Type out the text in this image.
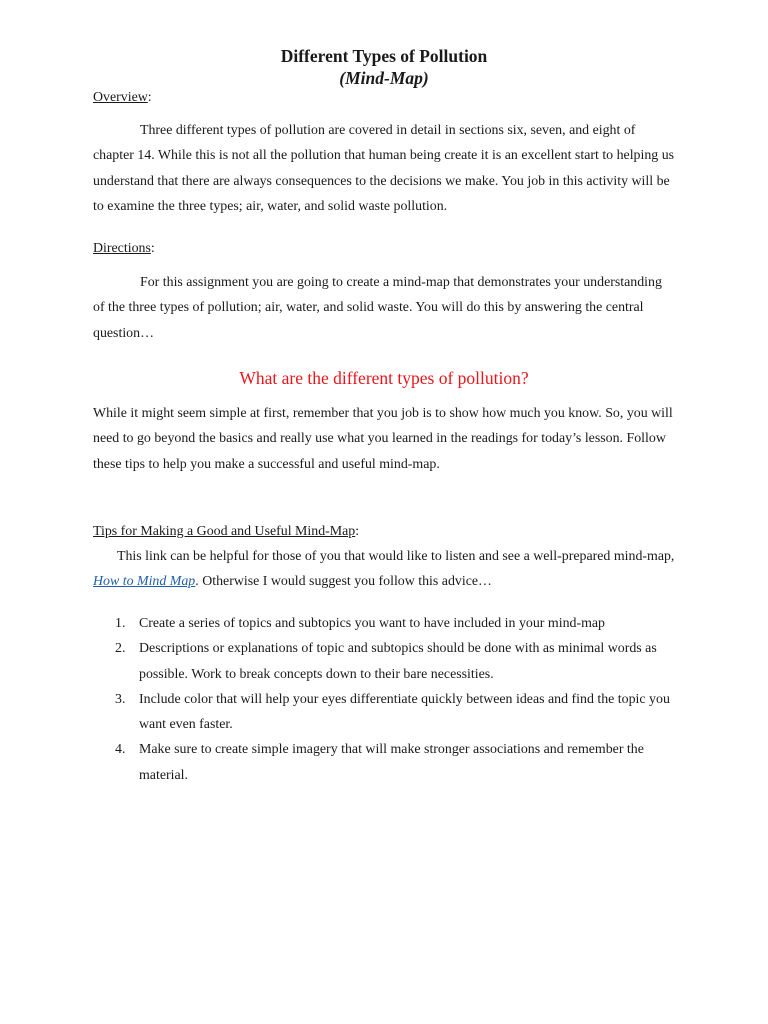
Different Types of Pollution
(Mind-Map)

Overview:

Three different types of pollution are covered in detail in sections six, seven, and eight of chapter 14. While this is not all the pollution that human being create it is an excellent start to helping us understand that there are always consequences to the decisions we make. You job in this activity will be to examine the three types; air, water, and solid waste pollution.

Directions:

For this assignment you are going to create a mind-map that demonstrates your understanding of the three types of pollution; air, water, and solid waste. You will do this by answering the central question…

What are the different types of pollution?

While it might seem simple at first, remember that you job is to show how much you know. So, you will need to go beyond the basics and really use what you learned in the readings for today’s lesson. Follow these tips to help you make a successful and useful mind-map.

Tips for Making a Good and Useful Mind-Map:

This link can be helpful for those of you that would like to listen and see a well-prepared mind-map, How to Mind Map. Otherwise I would suggest you follow this advice…

1. Create a series of topics and subtopics you want to have included in your mind-map
2. Descriptions or explanations of topic and subtopics should be done with as minimal words as possible. Work to break concepts down to their bare necessities.
3. Include color that will help your eyes differentiate quickly between ideas and find the topic you want even faster.
4. Make sure to create simple imagery that will make stronger associations and remember the material.
